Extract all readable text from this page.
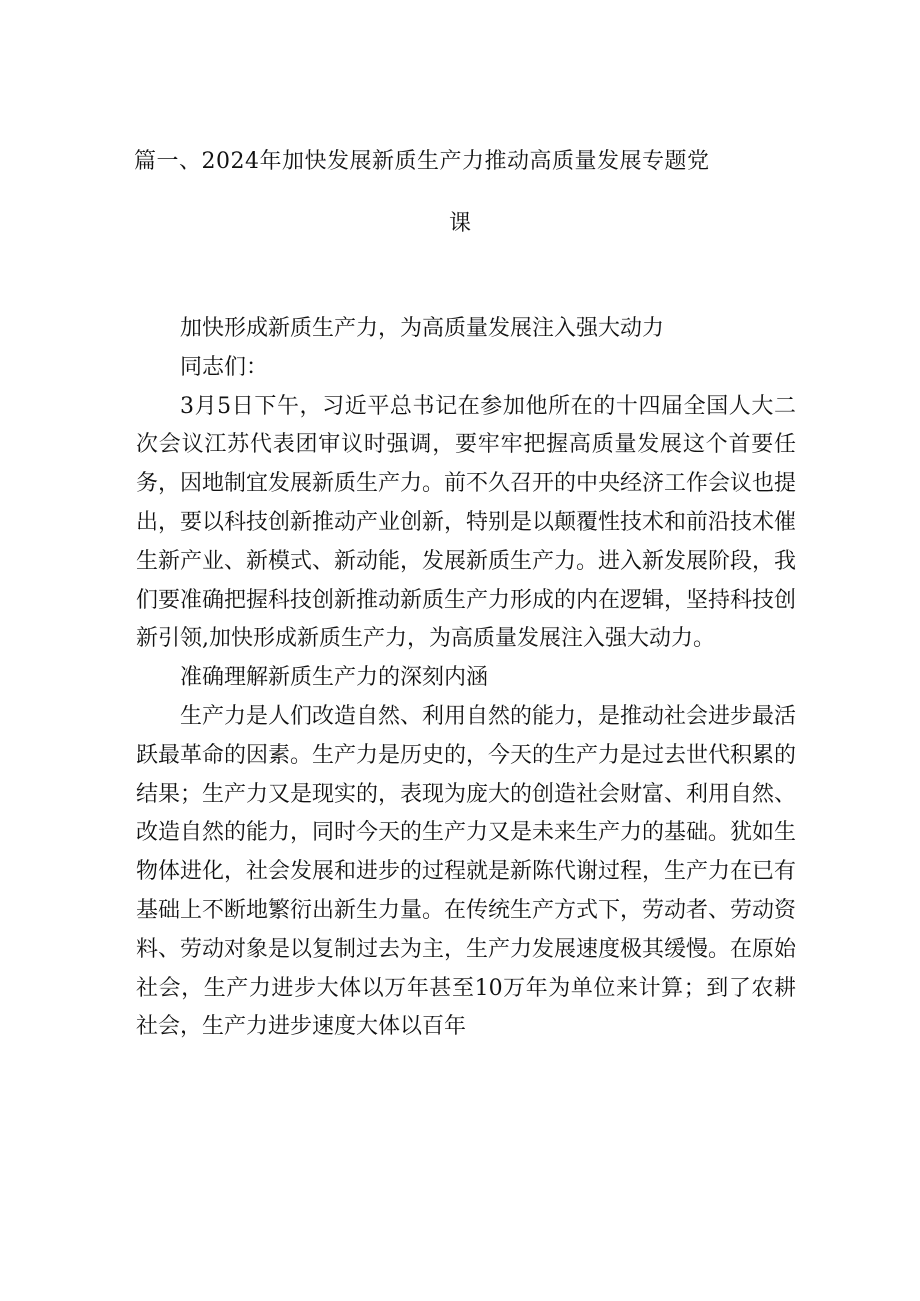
篇一、2024年加快发展新质生产力推动高质量发展专题党
课

加快形成新质生产力，为高质量发展注入强大动力

同志们：

3月5日下午，习近平总书记在参加他所在的十四届全国人大二次会议江苏代表团审议时强调，要牢牢把握高质量发展这个首要任务，因地制宜发展新质生产力。前不久召开的中央经济工作会议也提出，要以科技创新推动产业创新，特别是以颠覆性技术和前沿技术催生新产业、新模式、新动能，发展新质生产力。进入新发展阶段，我们要准确把握科技创新推动新质生产力形成的内在逻辑，坚持科技创新引领,加快形成新质生产力，为高质量发展注入强大动力。

准确理解新质生产力的深刻内涵

生产力是人们改造自然、利用自然的能力，是推动社会进步最活跃最革命的因素。生产力是历史的，今天的生产力是过去世代积累的结果；生产力又是现实的，表现为庞大的创造社会财富、利用自然、改造自然的能力，同时今天的生产力又是未来生产力的基础。犹如生物体进化，社会发展和进步的过程就是新陈代谢过程，生产力在已有基础上不断地繁衍出新生力量。在传统生产方式下，劳动者、劳动资料、劳动对象是以复制过去为主，生产力发展速度极其缓慢。在原始社会，生产力进步大体以万年甚至10万年为单位来计算；到了农耕社会，生产力进步速度大体以百年
